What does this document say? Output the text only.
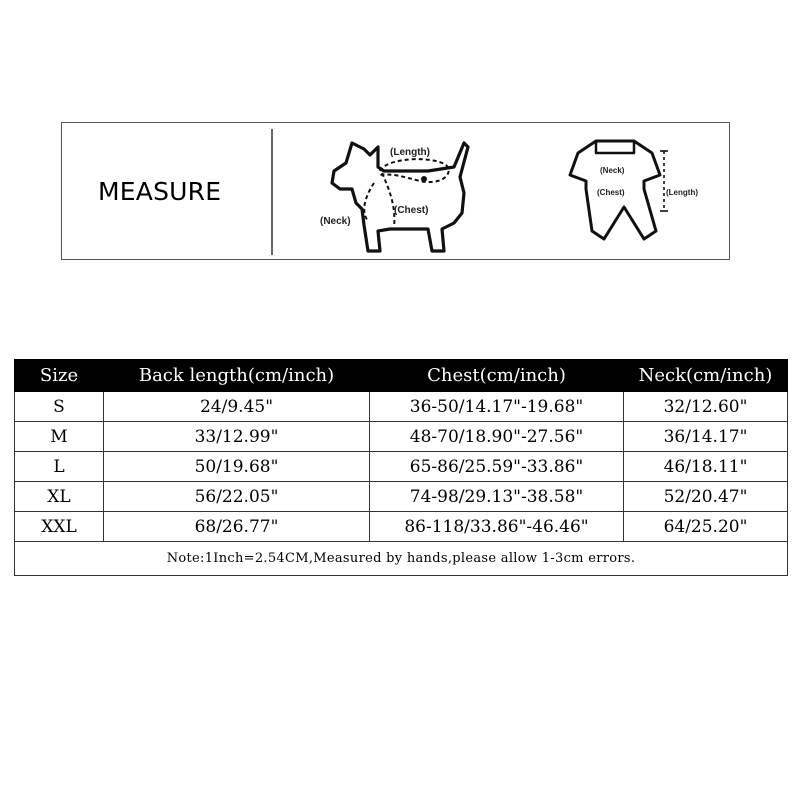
MEASURE
(Length)
(Neck)
(Chest)
(Neck)
(Chest)	(Length)
Size	Back length(cm/inch)	Chest(cm/inch)	Neck(cm/inch)
S	24/9.45"	36-50/14.17"-19.68"	32/12.60"
M	33/12.99"	48-70/18.90"-27.56"	36/14.17"
L	50/19.68"	65-86/25.59"-33.86"	46/18.11"
XL	56/22.05"	74-98/29.13"-38.58"	52/20.47"
XXL	68/26.77"	86-118/33.86"-46.46"	64/25.20"
Note:1Inch=2.54CM,Measured by hands,please allow 1-3cm errors.			
